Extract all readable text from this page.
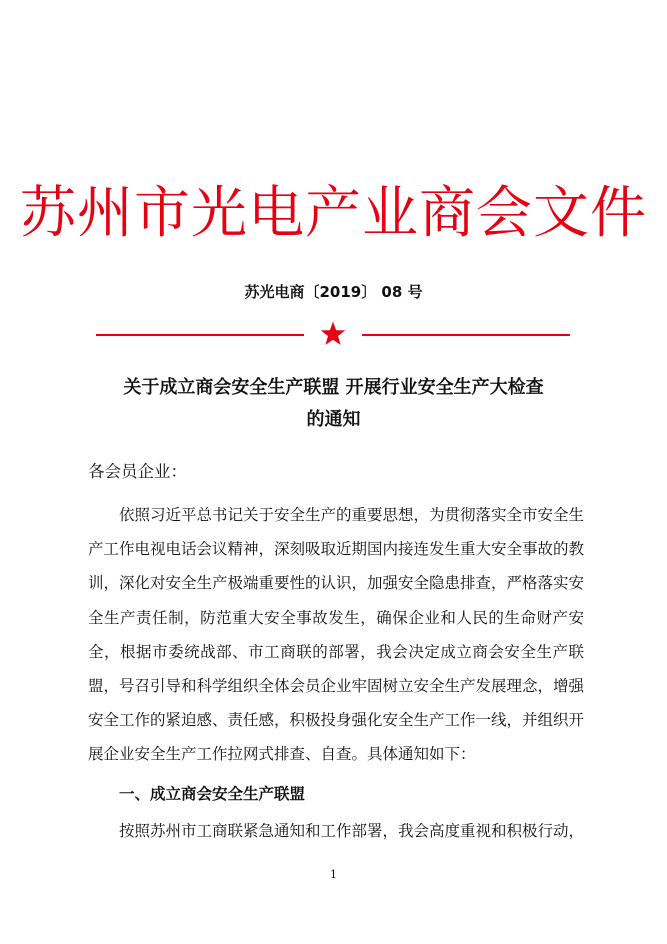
苏州市光电产业商会文件
苏光电商〔2019〕 08 号
关于成立商会安全生产联盟 开展行业安全生产大检查
的通知
各会员企业：

依照习近平总书记关于安全生产的重要思想，为贯彻落实全市安全生产工作电视电话会议精神，深刻吸取近期国内接连发生重大安全事故的教训，深化对安全生产极端重要性的认识，加强安全隐患排查，严格落实安全生产责任制，防范重大安全事故发生，确保企业和人民的生命财产安全，根据市委统战部、市工商联的部署，我会决定成立商会安全生产联盟，号召引导和科学组织全体会员企业牢固树立安全生产发展理念，增强安全工作的紧迫感、责任感，积极投身强化安全生产工作一线，并组织开展企业安全生产工作拉网式排查、自查。具体通知如下：

一、成立商会安全生产联盟

按照苏州市工商联紧急通知和工作部署，我会高度重视和积极行动，

1
